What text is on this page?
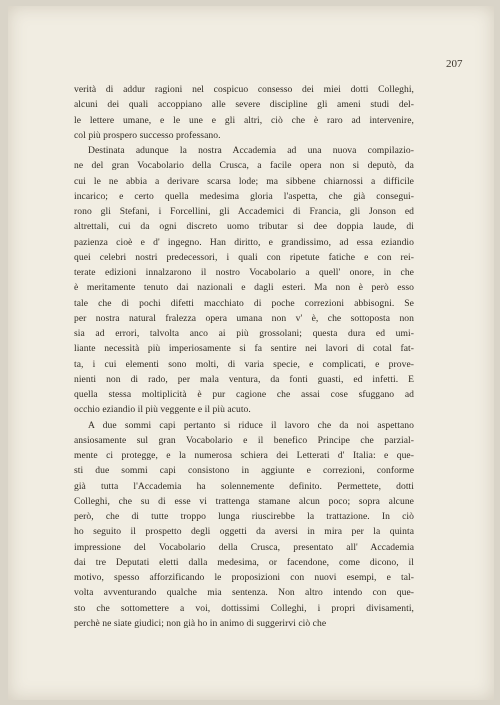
207
verità di addur ragioni nel cospicuo consesso dei miei dotti Colleghi,
alcuni dei quali accoppiano alle severe discipline gli ameni studi del-
le lettere umane, e le une e gli altri, ciò che è raro ad intervenire,
col più prospero successo professano.
Destinata adunque la nostra Accademia ad una nuova compilazio-
ne del gran Vocabolario della Crusca, a facile opera non si deputò, da
cui le ne abbia a derivare scarsa lode; ma sibbene chiarnossi a difficile
incarico; e certo quella medesima gloria l'aspetta, che già consegui-
rono gli Stefani, i Forcellini, gli Accademici di Francia, gli Jonson ed
altrettali, cui da ogni discreto uomo tributar si dee doppia laude, di
pazienza cioè e d' ingegno. Han diritto, e grandissimo, ad essa eziandio
quei celebri nostri predecessori, i quali con ripetute fatiche e con rei-
terate edizioni innalzarono il nostro Vocabolario a quell' onore, in che
è meritamente tenuto dai nazionali e dagli esteri. Ma non è però esso
tale che di pochi difetti macchiato di poche correzioni abbisogni. Se
per nostra natural fralezza opera umana non v' è, che sottoposta non
sia ad errori, talvolta anco ai più grossolani; questa dura ed umi-
liante necessità più imperiosamente si fa sentire nei lavori di cotal fat-
ta, i cui elementi sono molti, di varia specie, e complicati, e prove-
nienti non di rado, per mala ventura, da fonti guasti, ed infetti. E
quella stessa moltiplicità è pur cagione che assai cose sfuggano ad
occhio eziandio il più veggente e il più acuto.
A due sommi capi pertanto si riduce il lavoro che da noi aspettano
ansiosamente sul gran Vocabolario e il benefico Principe che parzial-
mente ci protegge, e la numerosa schiera dei Letterati d' Italia: e que-
sti due sommi capi consistono in aggiunte e correzioni, conforme
già tutta l'Accademia ha solennemente definito. Permettete, dotti
Colleghi, che su di esse vi trattenga stamane alcun poco; sopra alcune
però, che di tutte troppo lunga riuscirebbe la trattazione. In ciò
ho seguito il prospetto degli oggetti da aversi in mira per la quinta
impressione del Vocabolario della Crusca, presentato all' Accademia
dai tre Deputati eletti dalla medesima, or facendone, come dicono, il
motivo, spesso afforzificando le proposizioni con nuovi esempi, e tal-
volta avventurando qualche mia sentenza. Non altro intendo con que-
sto che sottomettere a voi, dottissimi Colleghi, i propri divisamenti,
perchè ne siate giudici; non già ho in animo di suggerirvi ciò che
